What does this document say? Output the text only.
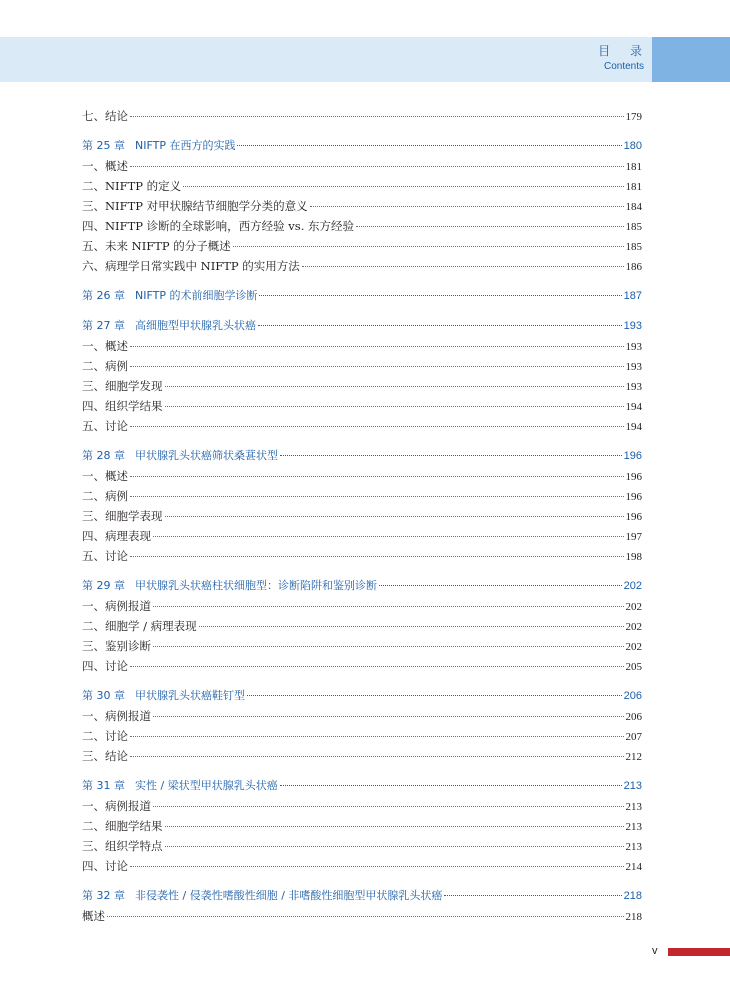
目 录
Contents
七、结论	179
第 25 章 NIFTP 在西方的实践	180
一、概述	181
二、NIFTP 的定义	181
三、NIFTP 对甲状腺结节细胞学分类的意义	184
四、NIFTP 诊断的全球影响，西方经验 vs. 东方经验	185
五、未来 NIFTP 的分子概述	185
六、病理学日常实践中 NIFTP 的实用方法	186
第 26 章 NIFTP 的术前细胞学诊断	187
第 27 章 高细胞型甲状腺乳头状癌	193
一、概述	193
二、病例	193
三、细胞学发现	193
四、组织学结果	194
五、讨论	194
第 28 章 甲状腺乳头状癌筛状桑葚状型	196
一、概述	196
二、病例	196
三、细胞学表现	196
四、病理表现	197
五、讨论	198
第 29 章 甲状腺乳头状癌柱状细胞型：诊断陷阱和鉴别诊断	202
一、病例报道	202
二、细胞学 / 病理表现	202
三、鉴别诊断	202
四、讨论	205
第 30 章 甲状腺乳头状癌鞋钉型	206
一、病例报道	206
二、讨论	207
三、结论	212
第 31 章 实性 / 梁状型甲状腺乳头状癌	213
一、病例报道	213
二、细胞学结果	213
三、组织学特点	213
四、讨论	214
第 32 章 非侵袭性 / 侵袭性嗜酸性细胞 / 非嗜酸性细胞型甲状腺乳头状癌	218
概述	218
v
